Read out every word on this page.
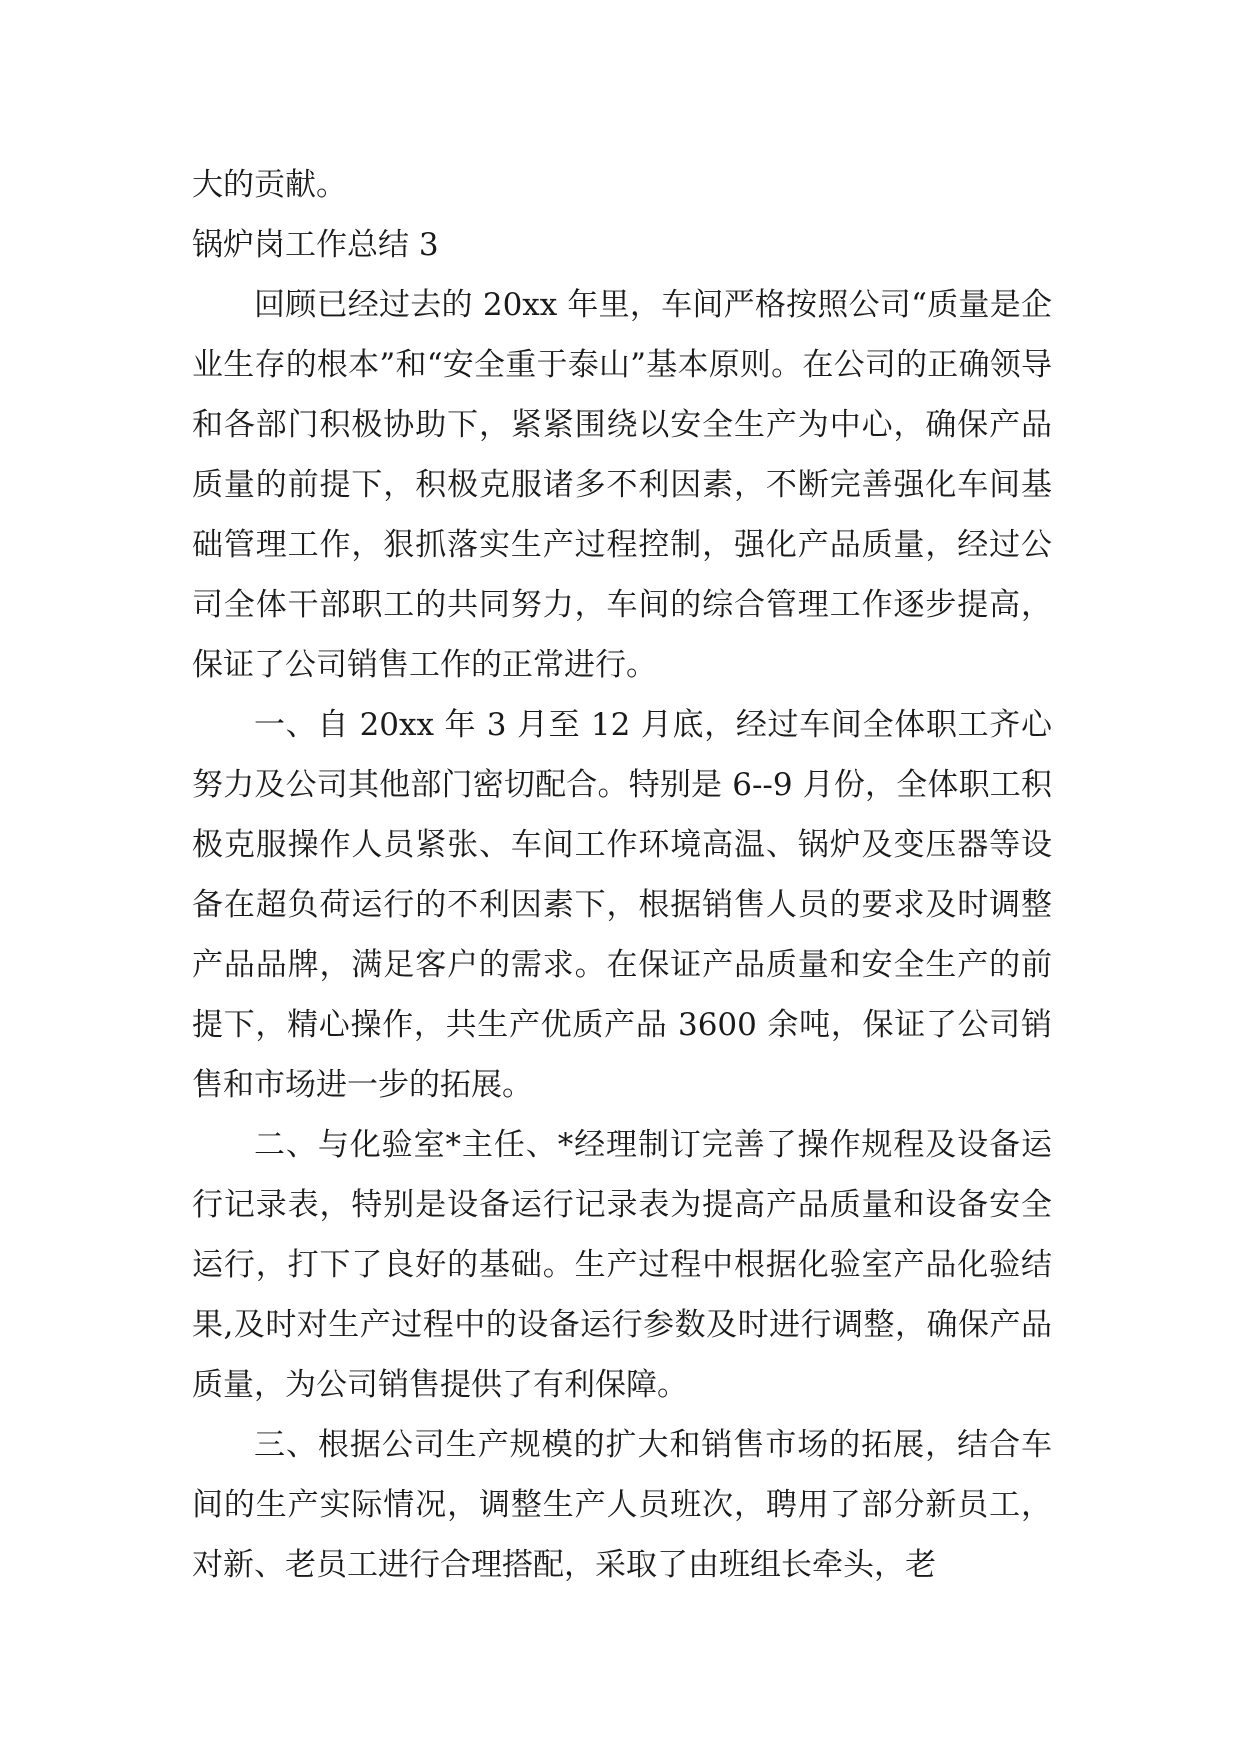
大的贡献。

锅炉岗工作总结 3

回顾已经过去的 20xx 年里，车间严格按照公司“质量是企业生存的根本”和“安全重于泰山”基本原则。在公司的正确领导和各部门积极协助下，紧紧围绕以安全生产为中心，确保产品质量的前提下，积极克服诸多不利因素，不断完善强化车间基础管理工作，狠抓落实生产过程控制，强化产品质量，经过公司全体干部职工的共同努力，车间的综合管理工作逐步提高，保证了公司销售工作的正常进行。

一、自 20xx 年 3 月至 12 月底，经过车间全体职工齐心努力及公司其他部门密切配合。特别是 6--9 月份，全体职工积极克服操作人员紧张、车间工作环境高温、锅炉及变压器等设备在超负荷运行的不利因素下，根据销售人员的要求及时调整产品品牌，满足客户的需求。在保证产品质量和安全生产的前提下，精心操作，共生产优质产品 3600 余吨，保证了公司销售和市场进一步的拓展。

二、与化验室*主任、*经理制订完善了操作规程及设备运行记录表，特别是设备运行记录表为提高产品质量和设备安全运行，打下了良好的基础。生产过程中根据化验室产品化验结果,及时对生产过程中的设备运行参数及时进行调整，确保产品质量，为公司销售提供了有利保障。

三、根据公司生产规模的扩大和销售市场的拓展，结合车间的生产实际情况，调整生产人员班次，聘用了部分新员工，对新、老员工进行合理搭配，采取了由班组长牵头，老
